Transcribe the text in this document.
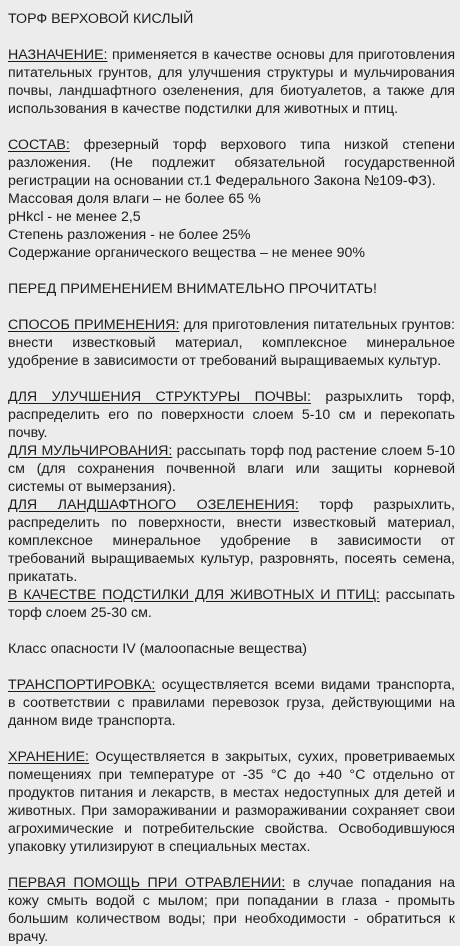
ТОРФ ВЕРХОВОЙ КИСЛЫЙ

НАЗНАЧЕНИЕ: применяется в качестве основы для приготовления питательных грунтов, для улучшения структуры и мульчирования почвы, ландшафтного озеленения, для биотуалетов, а также для использования в качестве подстилки для животных и птиц.

СОСТАВ: фрезерный торф верхового типа низкой степени разложения. (Не подлежит обязательной государственной регистрации на основании ст.1 Федерального Закона №109-ФЗ).

Массовая доля влаги – не более 65 %

pHkcl - не менее 2,5

Степень разложения - не более 25%

Содержание органического вещества – не менее 90%

ПЕРЕД ПРИМЕНЕНИЕМ ВНИМАТЕЛЬНО ПРОЧИТАТЬ!

СПОСОБ ПРИМЕНЕНИЯ: для приготовления питательных грунтов: внести известковый материал, комплексное минеральное удобрение в зависимости от требований выращиваемых культур.

ДЛЯ УЛУЧШЕНИЯ СТРУКТУРЫ ПОЧВЫ: разрыхлить торф, распределить его по поверхности слоем 5-10 см и перекопать почву.

ДЛЯ МУЛЬЧИРОВАНИЯ: рассыпать торф под растение слоем 5-10 см (для сохранения почвенной влаги или защиты корневой системы от вымерзания).

ДЛЯ ЛАНДШАФТНОГО ОЗЕЛЕНЕНИЯ: торф разрыхлить, распределить по поверхности, внести известковый материал, комплексное минеральное удобрение в зависимости от требований выращиваемых культур, разровнять, посеять семена, прикатать.

В КАЧЕСТВЕ ПОДСТИЛКИ ДЛЯ ЖИВОТНЫХ И ПТИЦ: рассыпать торф слоем 25-30 см.

Класс опасности IV (малоопасные вещества)

ТРАНСПОРТИРОВКА: осуществляется всеми видами транспорта, в соответствии с правилами перевозок груза, действующими на данном виде транспорта.

ХРАНЕНИЕ: Осуществляется в закрытых, сухих, проветриваемых помещениях при температуре от -35 °С до +40 °С отдельно от продуктов питания и лекарств, в местах недоступных для детей и животных. При замораживании и размораживании сохраняет свои агрохимические и потребительские свойства. Освободившуюся упаковку утилизируют в специальных местах.

ПЕРВАЯ ПОМОЩЬ ПРИ ОТРАВЛЕНИИ: в случае попадания на кожу смыть водой с мылом; при попадании в глаза - промыть большим количеством воды; при необходимости - обратиться к врачу.
